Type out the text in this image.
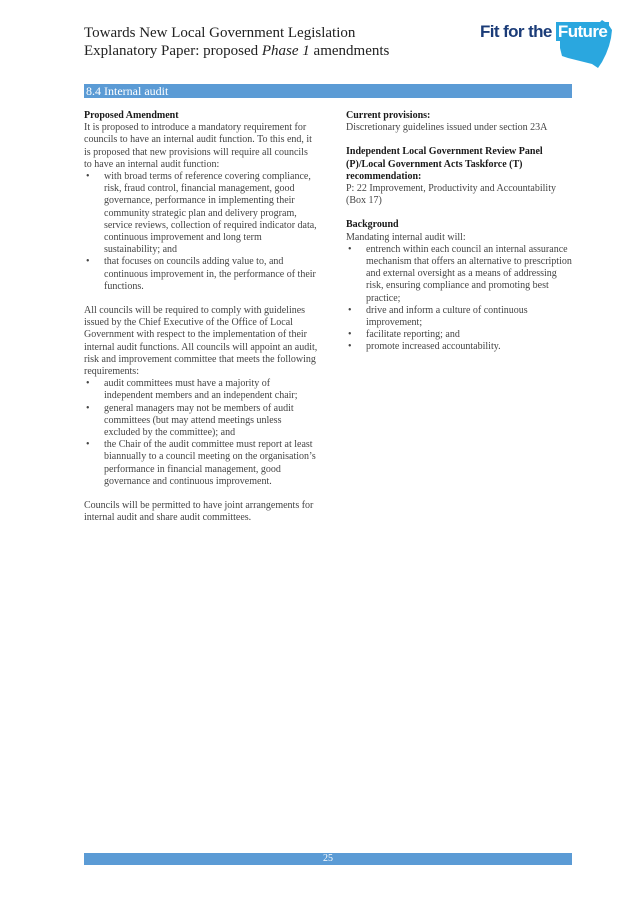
Towards New Local Government Legislation
Explanatory Paper: proposed Phase 1 amendments
Fit for the Future
8.4 Internal audit

Proposed Amendment

It is proposed to introduce a mandatory requirement for councils to have an internal audit function. To this end, it is proposed that new provisions will require all councils to have an internal audit function:

• with broad terms of reference covering compliance, risk, fraud control, financial management, good governance, performance in implementing their community strategic plan and delivery program, service reviews, collection of required indicator data, continuous improvement and long term sustainability; and
• that focuses on councils adding value to, and continuous improvement in, the performance of their functions.

All councils will be required to comply with guidelines issued by the Chief Executive of the Office of Local Government with respect to the implementation of their internal audit functions. All councils will appoint an audit, risk and improvement committee that meets the following requirements:

• audit committees must have a majority of independent members and an independent chair;
• general managers may not be members of audit committees (but may attend meetings unless excluded by the committee); and
• the Chair of the audit committee must report at least biannually to a council meeting on the organisation’s performance in financial management, good governance and continuous improvement.

Councils will be permitted to have joint arrangements for internal audit and share audit committees.

Current provisions:

Discretionary guidelines issued under section 23A

Independent Local Government Review Panel (P)/Local Government Acts Taskforce (T) recommendation:

P: 22 Improvement, Productivity and Accountability (Box 17)

Background

Mandating internal audit will:

• entrench within each council an internal assurance mechanism that offers an alternative to prescription and external oversight as a means of addressing risk, ensuring compliance and promoting best practice;
• drive and inform a culture of continuous improvement;
• facilitate reporting; and
• promote increased accountability.
25
